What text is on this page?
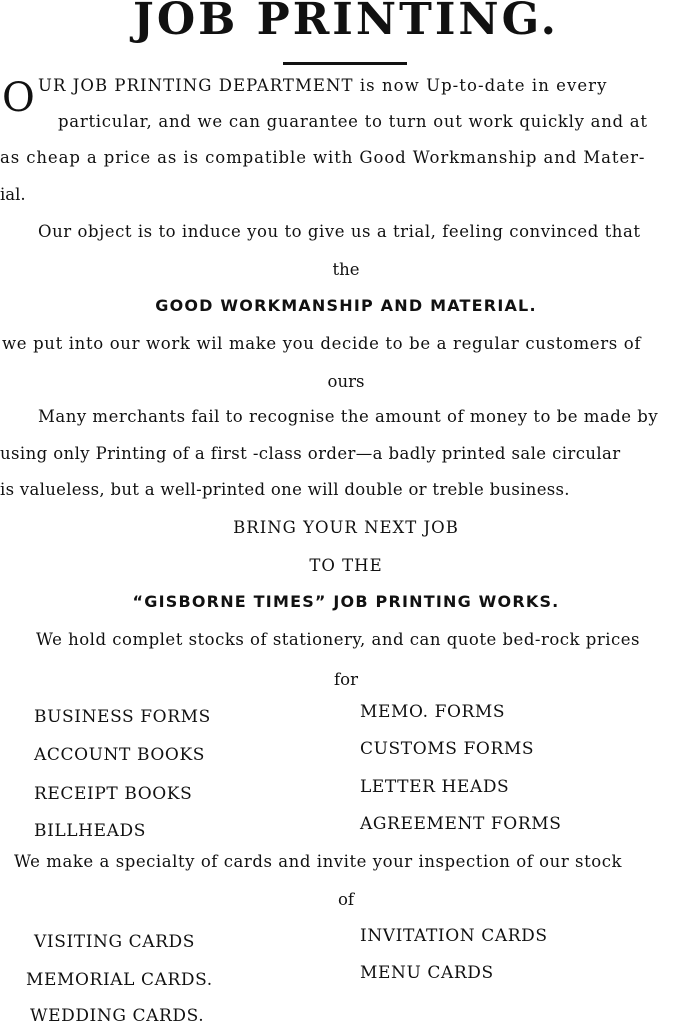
JOB PRINTING.
O UR JOB PRINTING DEPARTMENT is now Up-to-date in every
particular, and we can guarantee to turn out work quickly and at
as cheap a price as is compatible with Good Workmanship and Mater-
ial.
Our object is to induce you to give us a trial, feeling convinced that
the
GOOD WORKMANSHIP AND MATERIAL.
we put into our work wil make you decide to be a regular customers of
ours
Many merchants fail to recognise the amount of money to be made by
using only Printing of a first -class order—a badly printed sale circular
is valueless, but a well-printed one will double or treble business.
BRING YOUR NEXT JOB
TO THE
“GISBORNE TIMES” JOB PRINTING WORKS.
We hold complet stocks of stationery, and can quote bed-rock prices
for
BUSINESS FORMS
ACCOUNT BOOKS
RECEIPT BOOKS
BILLHEADS
MEMO. FORMS
CUSTOMS FORMS
LETTER HEADS
AGREEMENT FORMS
We make a specialty of cards and invite your inspection of our stock
of
VISITING CARDS
MEMORIAL CARDS.
WEDDING CARDS.
INVITATION CARDS
MENU CARDS
